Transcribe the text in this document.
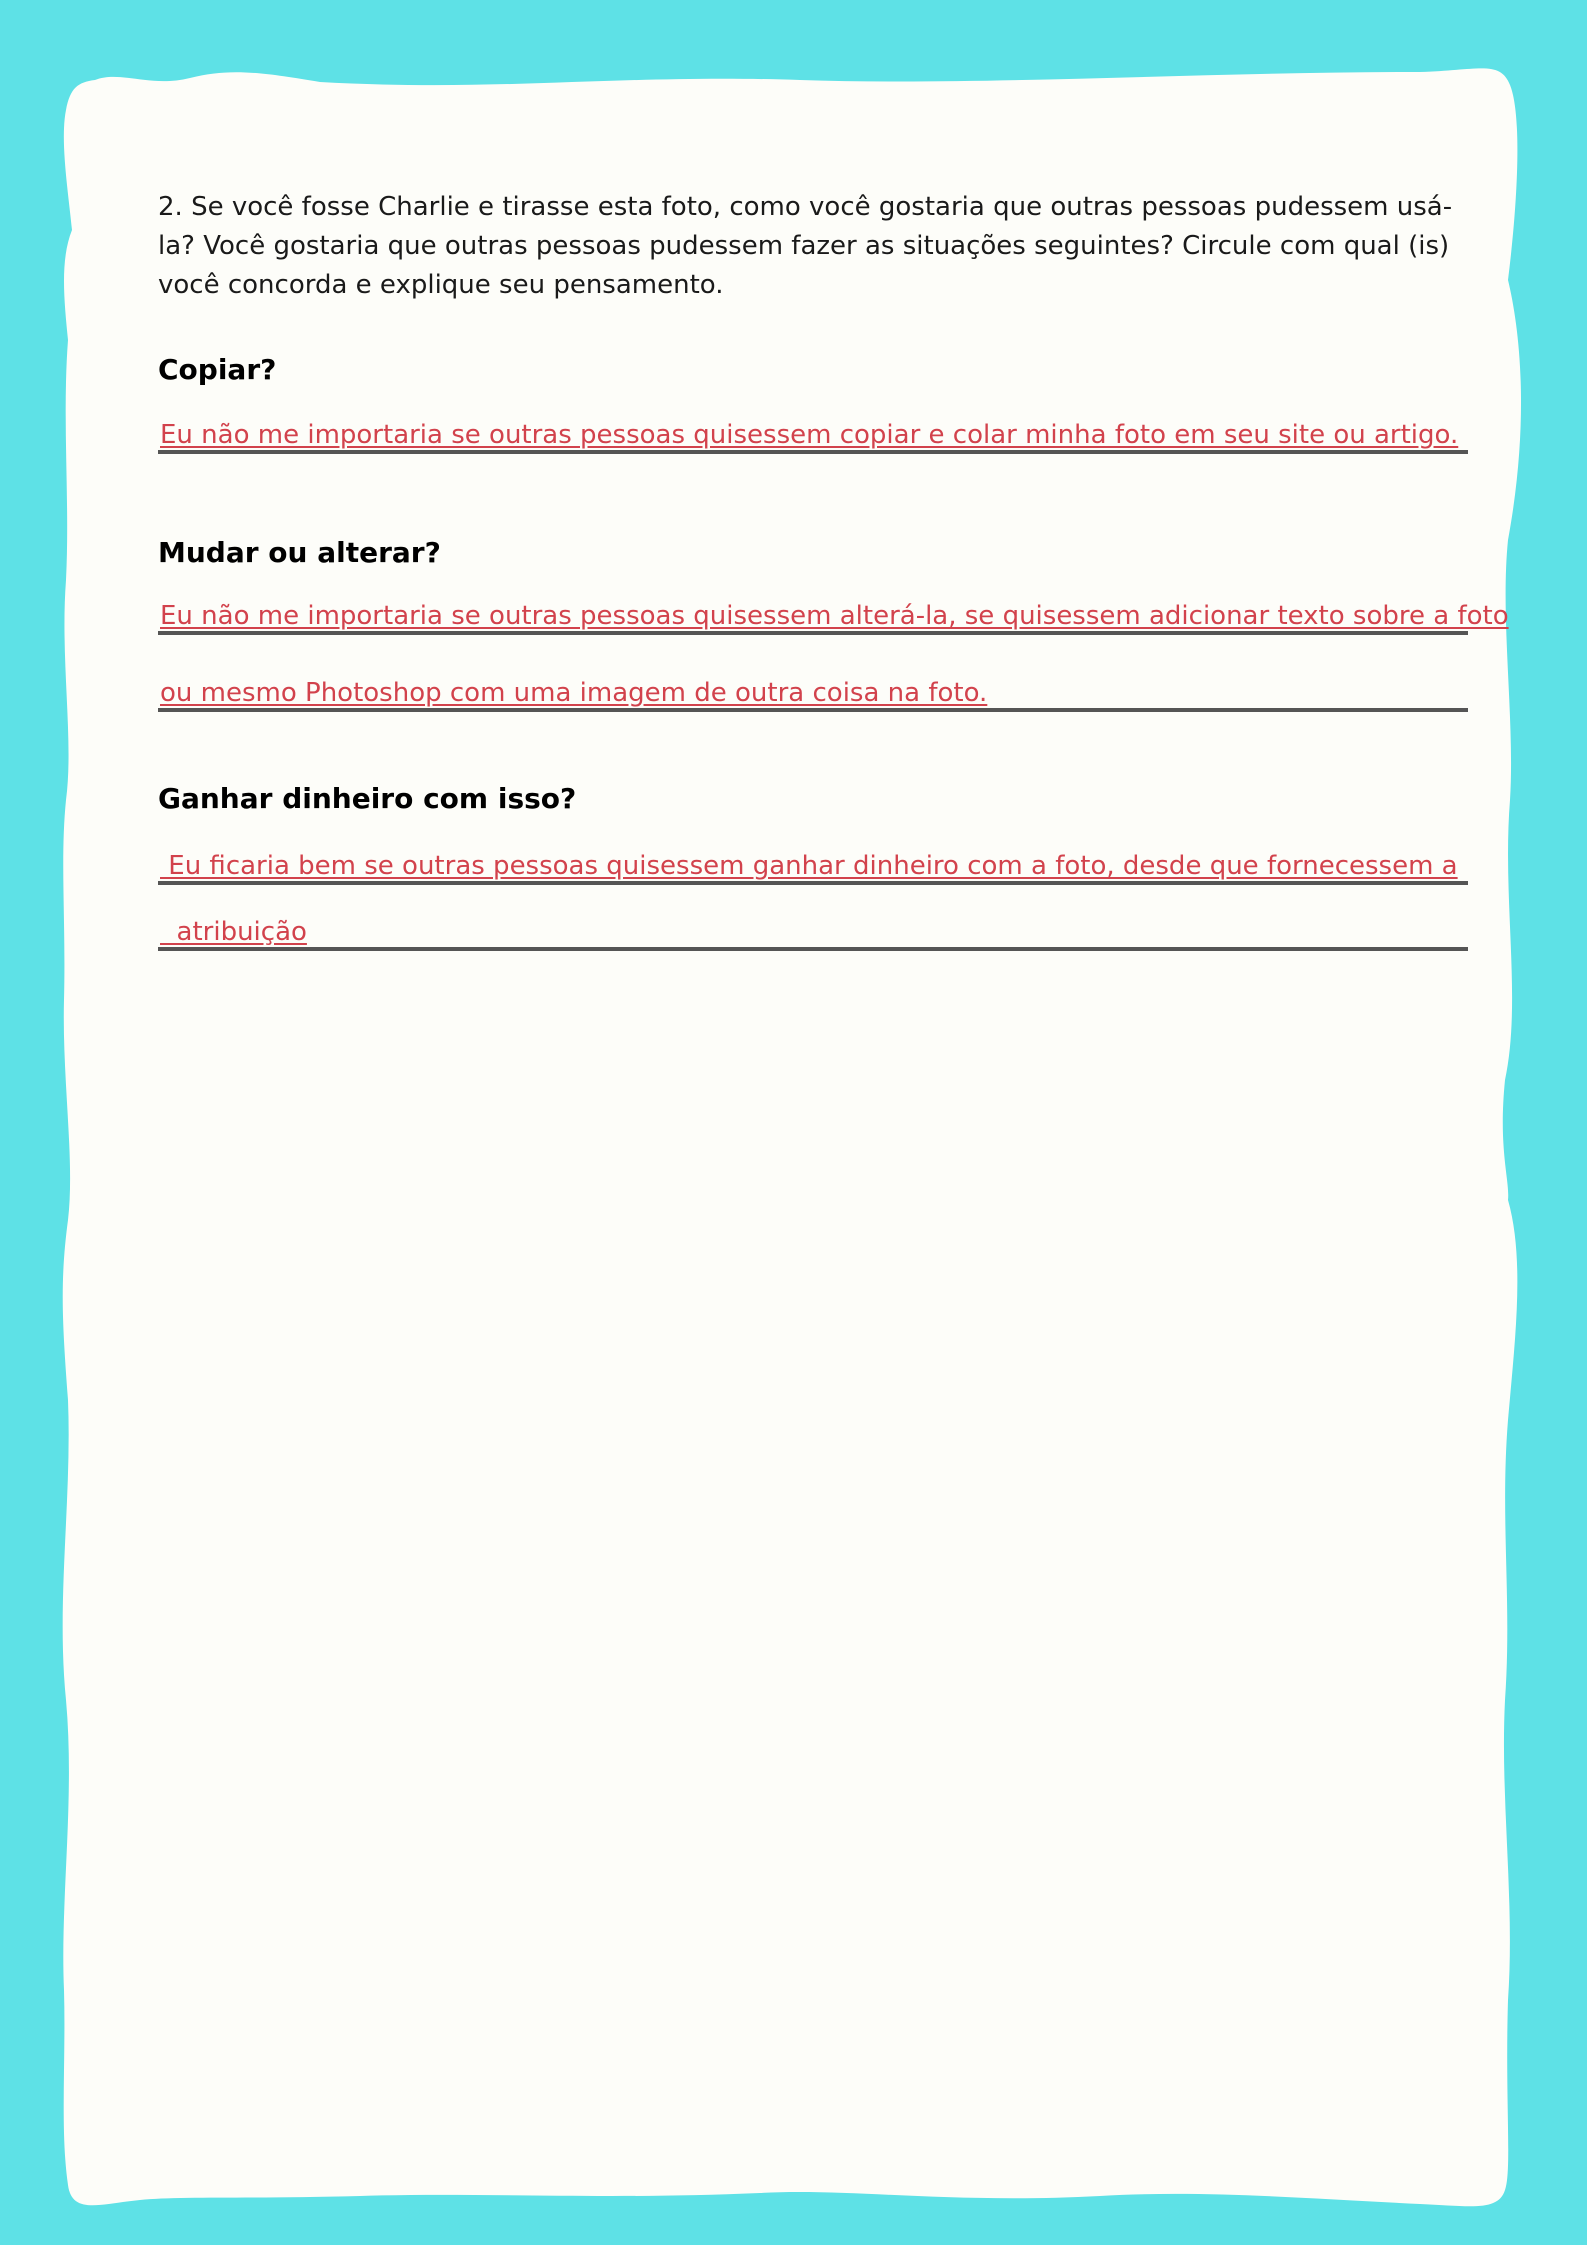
2. Se você fosse Charlie e tirasse esta foto, como você gostaria que outras pessoas pudessem usá-la? Você gostaria que outras pessoas pudessem fazer as situações seguintes? Circule com qual (is) você concorda e explique seu pensamento.

Copiar?
Eu não me importaria se outras pessoas quisessem copiar e colar minha foto em seu site ou artigo.
Mudar ou alterar?
Eu não me importaria se outras pessoas quisessem alterá-la, se quisessem adicionar texto sobre a foto
ou mesmo Photoshop com uma imagem de outra coisa na foto.
Ganhar dinheiro com isso?
Eu ficaria bem se outras pessoas quisessem ganhar dinheiro com a foto, desde que fornecessem a
atribuição
